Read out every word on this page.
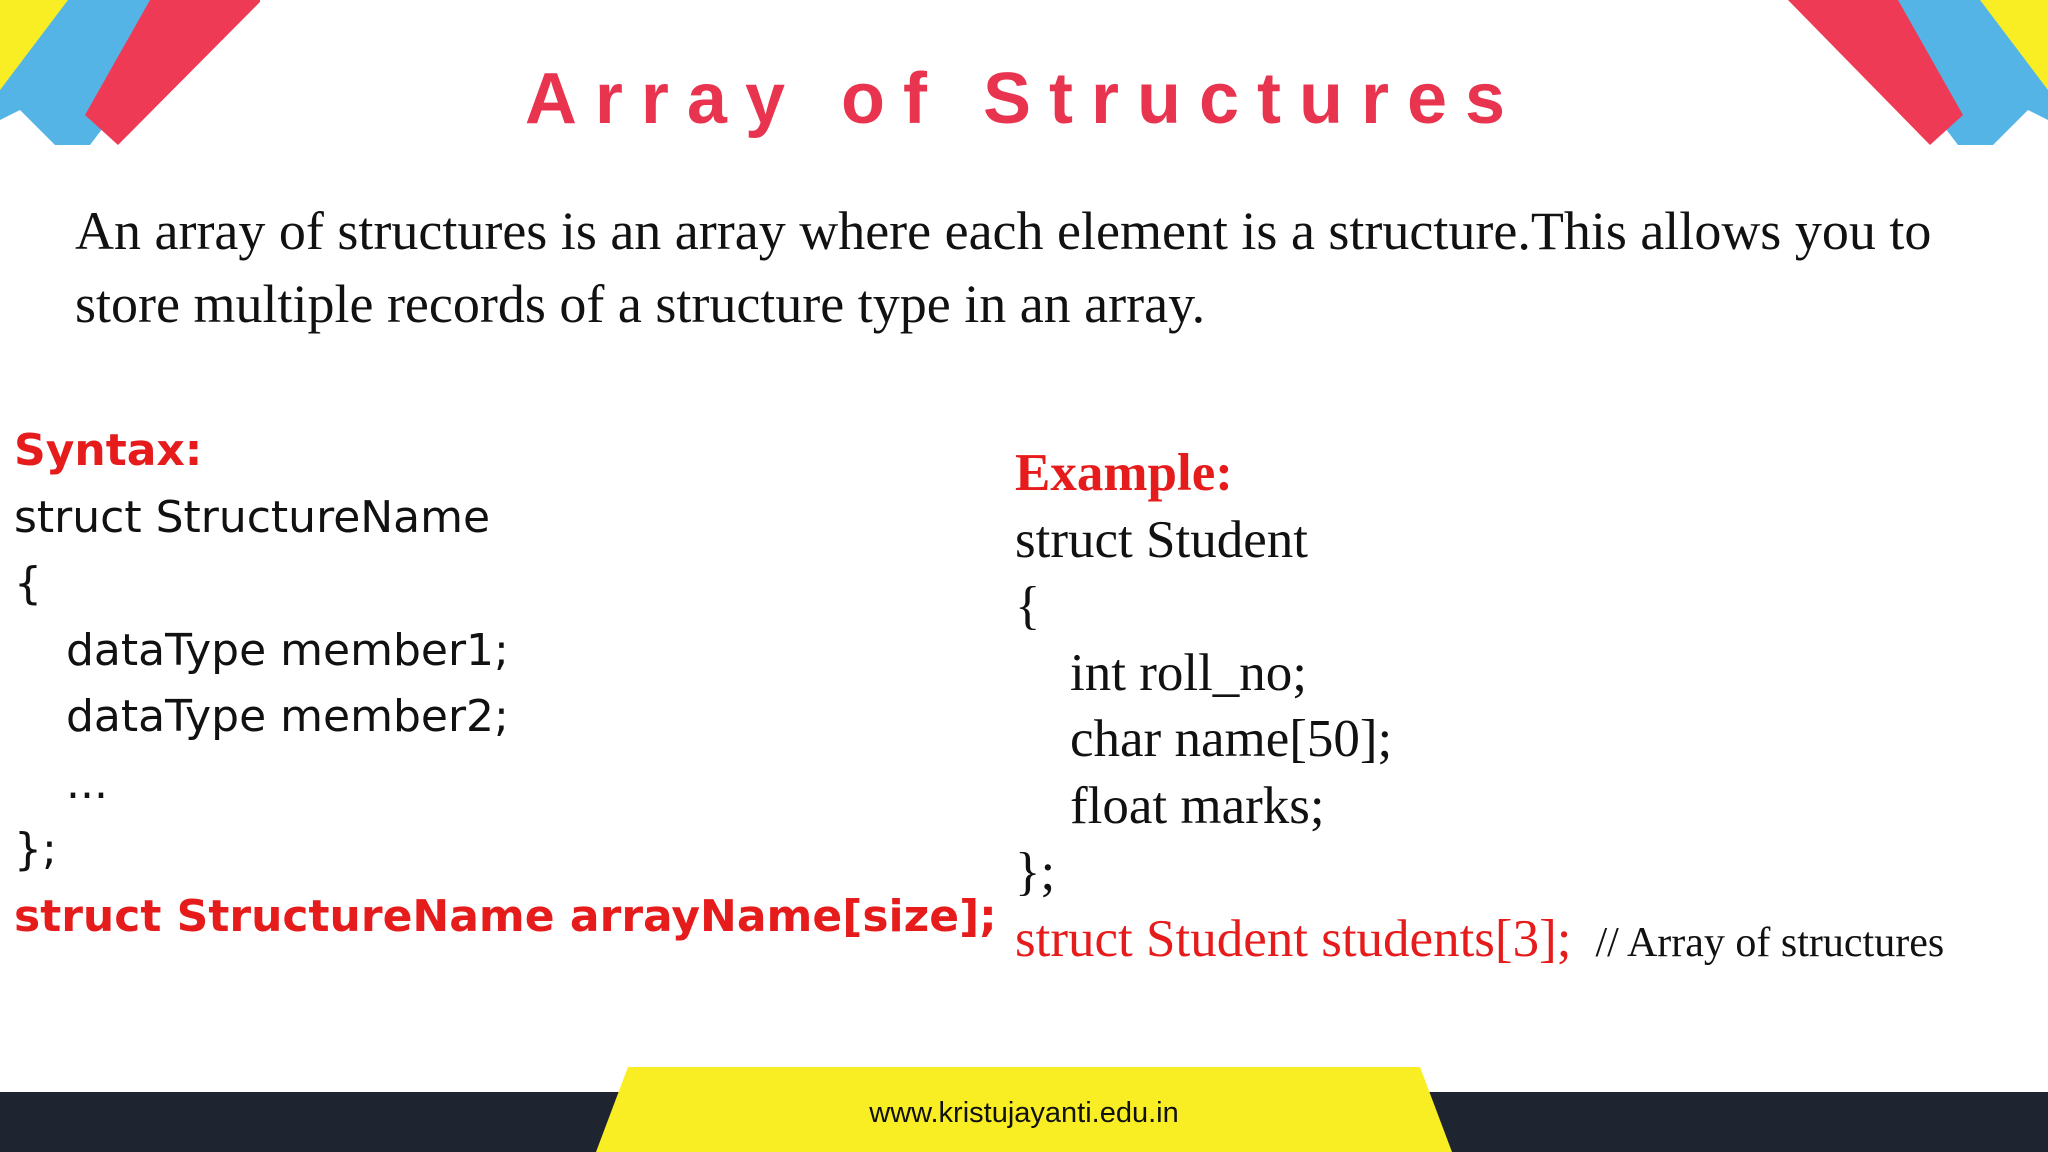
Array of Structures

An array of structures is an array where each element is a structure.This allows you to store multiple records of a structure type in an array.

Syntax:
struct StructureName
{
dataType member1;
dataType member2;
...
};
struct StructureName arrayName[size];
Example:
struct Student
{
int roll_no;
char name[50];
float marks;
};
struct Student students[3]; // Array of structures
www.kristujayanti.edu.in
